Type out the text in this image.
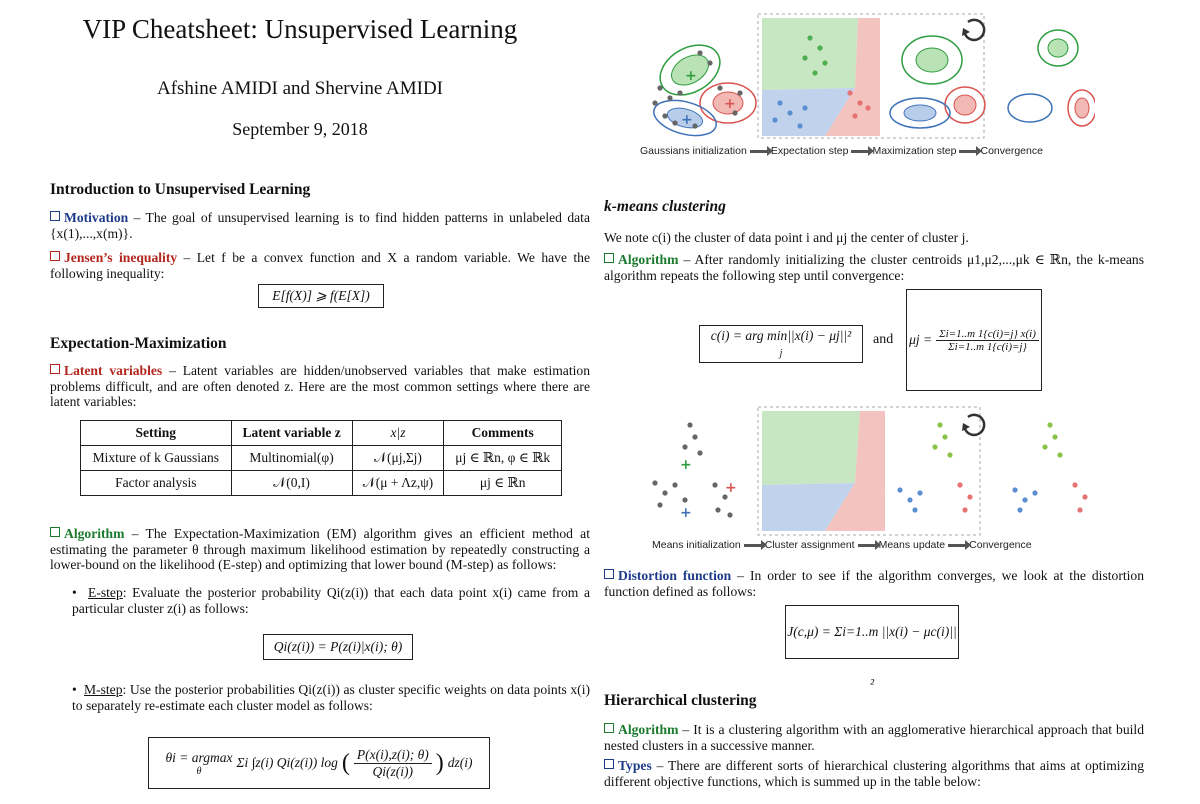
VIP Cheatsheet: Unsupervised Learning
Afshine AMIDI and Shervine AMIDI
September 9, 2018
Introduction to Unsupervised Learning
Motivation – The goal of unsupervised learning is to find hidden patterns in unlabeled data {x(1),...,x(m)}.
Jensen’s inequality – Let f be a convex function and X a random variable. We have the following inequality:
E[f(X)] ⩾ f(E[X])
Expectation-Maximization
Latent variables – Latent variables are hidden/unobserved variables that make estimation problems difficult, and are often denoted z. Here are the most common settings where there are latent variables:
Setting	Latent variable z	x|z	Comments
Mixture of k Gaussians	Multinomial(φ)	𝒩(μj,Σj)	μj ∈ ℝn, φ ∈ ℝk
Factor analysis	𝒩(0,I)	𝒩(μ + Λz,ψ)	μj ∈ ℝn
Algorithm – The Expectation-Maximization (EM) algorithm gives an efficient method at estimating the parameter θ through maximum likelihood estimation by repeatedly constructing a lower-bound on the likelihood (E-step) and optimizing that lower bound (M-step) as follows:
•  E-step: Evaluate the posterior probability Qi(z(i)) that each data point x(i) came from a particular cluster z(i) as follows:
Qi(z(i)) = P(z(i)|x(i); θ)
•  M-step: Use the posterior probabilities Qi(z(i)) as cluster specific weights on data points x(i) to separately re-estimate each cluster model as follows:
θi = argmax
θ
Σi ∫z(i) Qi(z(i)) log ( $\frac{P(x(i),z(i); \theta)}{Qi(z(i))}$ ) dz(i)
+
+
+
Gaussians initialization Expectation step Maximization step Convergence
k-means clustering
We note c(i) the cluster of data point i and μj the center of cluster j.
Algorithm – After randomly initializing the cluster centroids μ1,μ2,...,μk ∈ ℝn, the k-means algorithm repeats the following step until convergence:
c(i) = arg min||x(i) − μj||²
j
and $\mu j = \frac{\Sigma i=1..m 1\{c(i)=j\} x(i)}{\Sigma i=1..m 1\{c(i)=j\}}$
+
+
+
Means initialization Cluster assignment Means update Convergence
Distortion function – In order to see if the algorithm converges, we look at the distortion function defined as follows:
J(c,μ) = Σi=1..m ||x(i) − μc(i)||²
Hierarchical clustering
Algorithm – It is a clustering algorithm with an agglomerative hierarchical approach that build nested clusters in a successive manner.
Types – There are different sorts of hierarchical clustering algorithms that aims at optimizing different objective functions, which is summed up in the table below:
